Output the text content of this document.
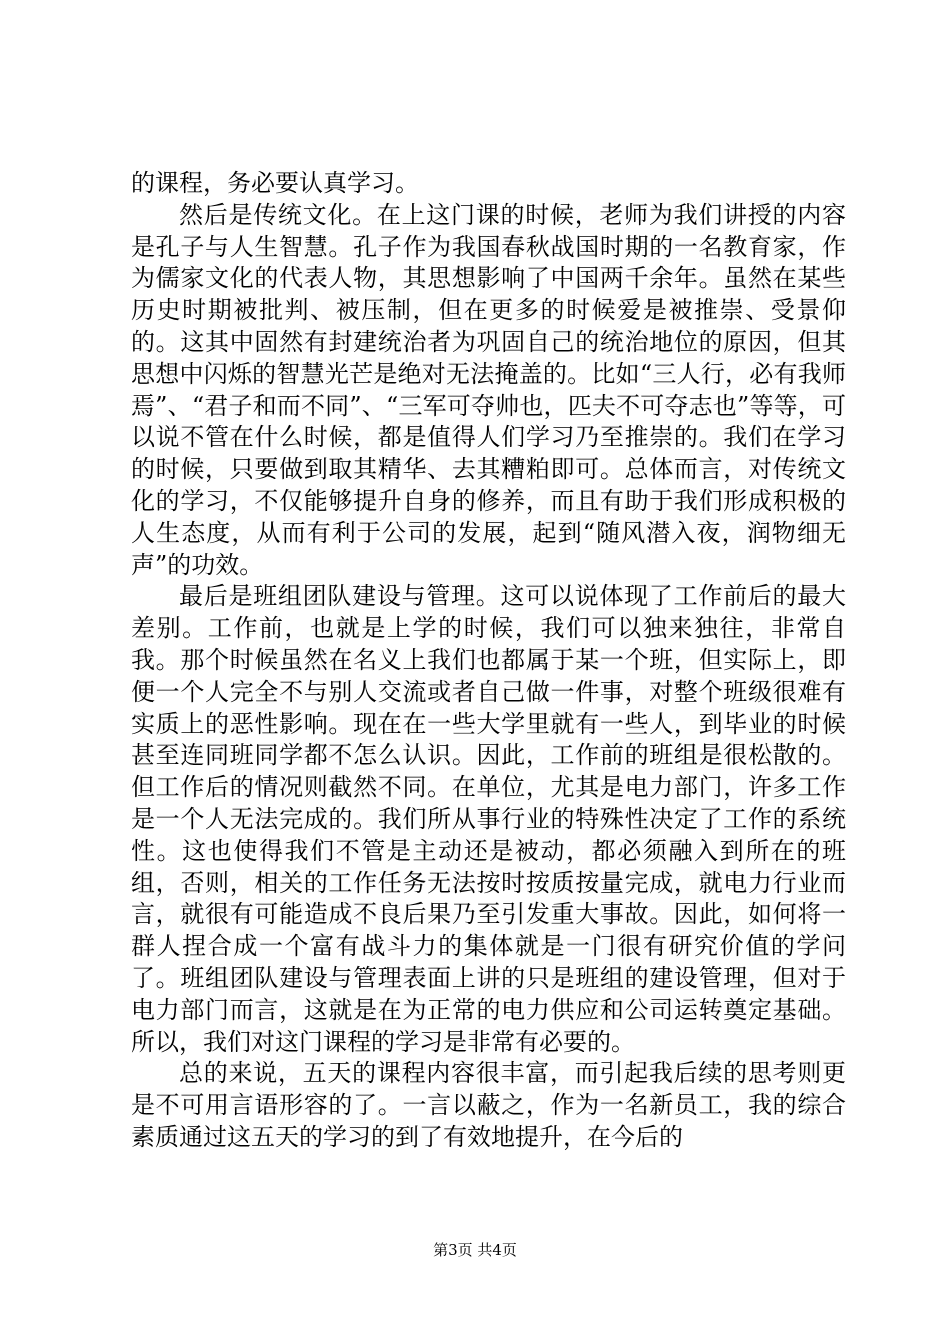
的课程，务必要认真学习。

然后是传统文化。在上这门课的时候，老师为我们讲授的内容是孔子与人生智慧。孔子作为我国春秋战国时期的一名教育家，作为儒家文化的代表人物，其思想影响了中国两千余年。虽然在某些历史时期被批判、被压制，但在更多的时候爱是被推崇、受景仰的。这其中固然有封建统治者为巩固自己的统治地位的原因，但其思想中闪烁的智慧光芒是绝对无法掩盖的。比如“三人行，必有我师焉”、“君子和而不同”、“三军可夺帅也，匹夫不可夺志也”等等，可以说不管在什么时候，都是值得人们学习乃至推崇的。我们在学习的时候，只要做到取其精华、去其糟粕即可。总体而言，对传统文化的学习，不仅能够提升自身的修养，而且有助于我们形成积极的人生态度，从而有利于公司的发展，起到“随风潜入夜，润物细无声”的功效。

最后是班组团队建设与管理。这可以说体现了工作前后的最大差别。工作前，也就是上学的时候，我们可以独来独往，非常自我。那个时候虽然在名义上我们也都属于某一个班，但实际上，即便一个人完全不与别人交流或者自己做一件事，对整个班级很难有实质上的恶性影响。现在在一些大学里就有一些人，到毕业的时候甚至连同班同学都不怎么认识。因此，工作前的班组是很松散的。但工作后的情况则截然不同。在单位，尤其是电力部门，许多工作是一个人无法完成的。我们所从事行业的特殊性决定了工作的系统性。这也使得我们不管是主动还是被动，都必须融入到所在的班组，否则，相关的工作任务无法按时按质按量完成，就电力行业而言，就很有可能造成不良后果乃至引发重大事故。因此，如何将一群人捏合成一个富有战斗力的集体就是一门很有研究价值的学问了。班组团队建设与管理表面上讲的只是班组的建设管理，但对于电力部门而言，这就是在为正常的电力供应和公司运转奠定基础。所以，我们对这门课程的学习是非常有必要的。

总的来说，五天的课程内容很丰富，而引起我后续的思考则更是不可用言语形容的了。一言以蔽之，作为一名新员工，我的综合素质通过这五天的学习的到了有效地提升，在今后的

第3页 共4页
